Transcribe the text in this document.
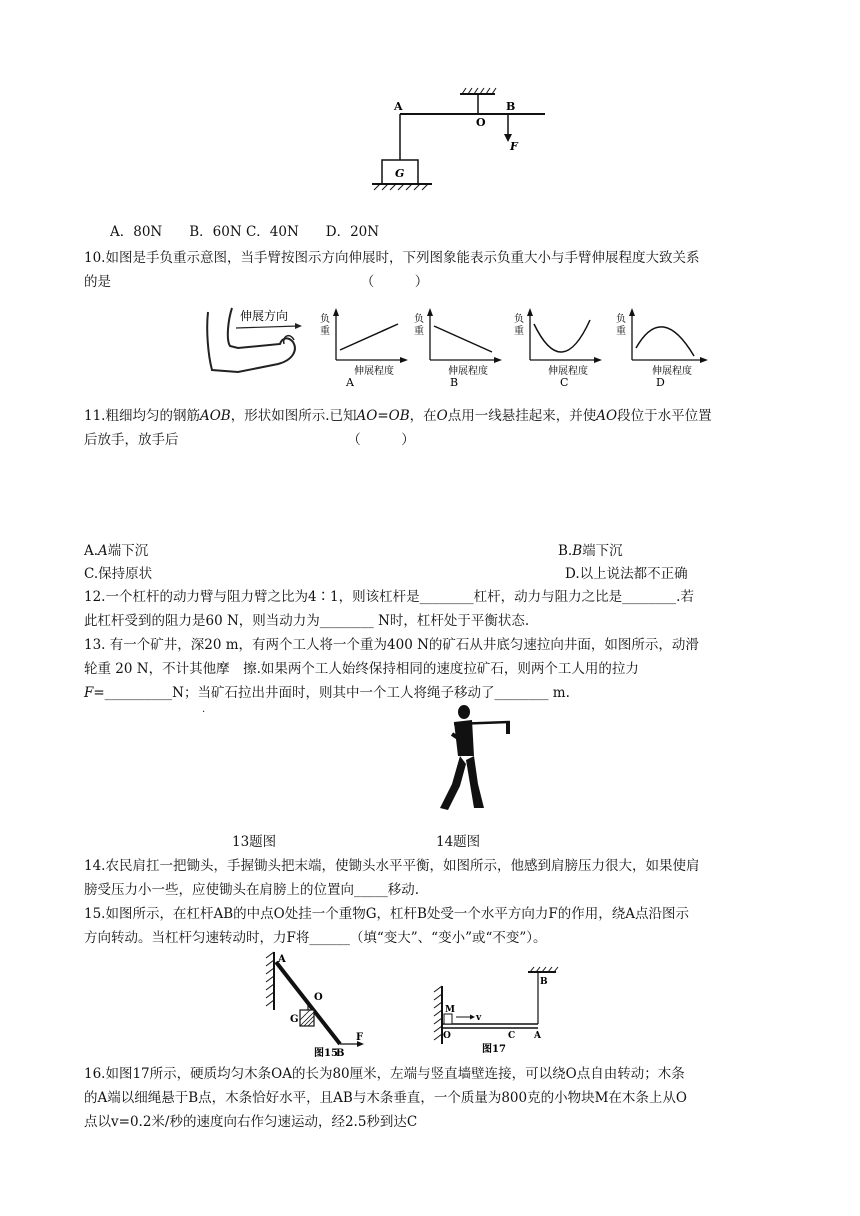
A
O
B
F
G
A．80N　　B．60N C．40N　　D．20N
10.如图是手负重示意图，当手臂按图示方向伸展时，下列图象能表示负重大小与手臂伸展程度大致关系
的是　　　　　　　　　　　　　　　　　　　（　　　）
伸展方向	负
重
伸展程度
A
负
重
伸展程度
B
负
重
伸展程度
C
负
重
伸展程度
D
11.粗细均匀的钢筋AOB，形状如图所示.已知AO=OB，在O点用一线悬挂起来，并使AO段位于水平位置
后放手，放手后　　　　　　　　　　　　　（　　　）
A.A端下沉	B.B端下沉
C.保持原状	D.以上说法都不正确
12.一个杠杆的动力臂与阻力臂之比为4∶1，则该杠杆是________杠杆，动力与阻力之比是________.若
此杠杆受到的阻力是60 N，则当动力为________ N时，杠杆处于平衡状态.
13. 有一个矿井，深20 m，有两个工人将一个重为400 N的矿石从井底匀速拉向井面，如图所示，动滑
轮重 20 N，不计其他摩　擦.如果两个工人始终保持相同的速度拉矿石，则两个工人用的拉力
F=__________N；当矿石拉出井面时，则其中一个工人将绳子移动了________ m.
.
13题图	14题图
14.农民肩扛一把锄头，手握锄头把末端，使锄头水平平衡，如图所示，他感到肩膀压力很大，如果使肩
膀受压力小一些，应使锄头在肩膀上的位置向_____移动.
15.如图所示，在杠杆AB的中点O处挂一个重物G，杠杆B处受一个水平方向力F的作用，绕A点沿图示
方向转动。当杠杆匀速转动时，力F将______（填“变大”、“变小”或“不变”）。
A
O
G
B
F
图15
M
v
O	C A
B
图17
16.如图17所示，硬质均匀木条OA的长为80厘米，左端与竖直墙壁连接，可以绕O点自由转动；木条
的A端以细绳悬于B点，木条恰好水平，且AB与木条垂直，一个质量为800克的小物块M在木条上从O
点以v=0.2米/秒的速度向右作匀速运动，经2.5秒到达C
